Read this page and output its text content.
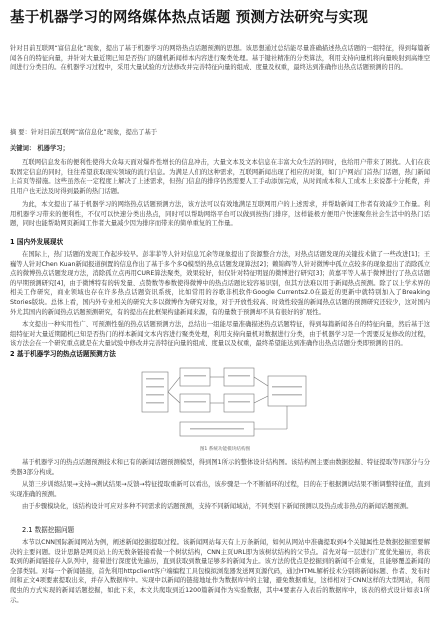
基于机器学习的网络媒体热点话题 预测方法研究与实现

针对目前互联网“富信息化”现象，提出了基于机器学习的网络热点话题预测的思想。该思想通过总结能尽量准确描述热点话题的一组特征，得到每篇新闻各自的特征向量，并针对大量近期已知是否热门的随机新闻样本内容进行聚类处理。基于键社精准的分类算法，利用支持向量机将向量映射到高维空间进行分类目的。在机器学习过程中，采用大量试验的方法修改并完善特征向量的组成、度量及权重，最终达到准确作出热点话题预测的目的。

摘 要：针对目前互联网“富信息化”现象，提出了基于

关键词： 机器学习；

互联网信息发布的便利性使得大众每天面对爆炸性增长的信息冲击，大量文本及文本信息在丰富大众生活的同时，也给用户带来了困扰。人们在获取固定信息的同时，往往希望获取现实领域的流行信息。为满足人们的这种需求，互联网新闻出现了相应的对策，如门户网站门首热门话题，热门新闻上首页等措施。这些虽然在一定程度上解决了上述需求，但热门信息的排序仍然需要人工手动添加完成，从时间成本和人工成本上来说都十分耗费，并且用户也无法及时得到最新的热门话题。

为此，本文提出了基于机器学习的网络热点话题预测方法，该方法可以有效地满足互联网用户的上述需求，并帮助新闻工作者有效减少工作量。利用机器学习带来的便利性，不仅可以快速分类出热点，同时可以帮助网络平台可以做到按热门排序，这样能极方便用户快速聚焦社会生活中的热门话题，同时也能帮助网页新闻工作者大量减少因为排序而带来的简单重复的工作量。

1 国内外发展现状

在国际上，热门话题的发现工作起步较早。彭菲菲等人针对信息冗余等现象提出了资源整合方法，对热点话题发现的关键技术做了一些改进[1]；王巍等人针对Chen Kuan新闻报道倒置的信息作出了基于多个多Q模型的热点话题发现算法[2]；赖锦辉等人针对微博中孤立点较多的现象提出了消除孤立点的微博热点话题发现方法，消除孤立点再用CURE算法聚类，效果较好，但仅针对特征明显的微博进行研究[3]；黄嘉平等人基于微博进行了热点话题的早期预测研究[4]，由于微博特有的转发量、点赞数等参数使得微博中的热点话题比较容易识别，但其方法难以用于新闻热点预测。除了以上学术界的相关工作研究，商业领域也存在许多热点话题资讯系统，比如常用的谷歌非机软件Google Currents2.0在最近的更新中就特别加入了Breaking Stories版块。总体上看，国内外专业相关的研究大多以微博作为研究对象，对于开放性较高、时效性较强的新闻热点话题的预测研究还较少，这对国内外尤其国内的新闻热点话题预测研究，有的提出在此框架构建新闻来源，有的量数于预测却不具有很好的扩展性。

本文提出一种实用性广、可预测性强的热点话题预测方法，总结出一组能尽量准确描述热点话题特征，得到每篇新闻各自的特征向量，然后基于这组特征对大量近期随机已知是否热门的样本新闻文本内容进行聚类处理，利用支持向量机对数据进行分类，由于机器学习是一个需要反复修改的过程，该方法会在一个研究重点就是在大量试验中修改并完善特征向量的组成、度量以及权重，最终希望能达到准确作出热点话题分类即预测的目的。

2 基于机器学习的热点话题预测方法
图1 系统功能模块结构图

基于机器学习的热点话题预测技术和已有的新闻话题预测模型，得到图1所示的整体设计结构图。该结构图主要由数据挖掘、特征提取等四部分与分类器3部分构成。

从第三步训练结果→支持→测试结果→反馈→特征提取重新可以看出，该步骤是一个不断循环的过程，目的在于根据测试结果不断调整特征值，直到实现准确的预测。

由于步骤模块化，该结构设计可应对多种不同需求的话题预测，支持不同新闻域站，不同类别下新闻预测以及热点或非热点的新闻话题预测。

2.1 数据挖掘问题

本节以CNN国际新闻网站为例，阐述新闻挖掘提取过程。该新闻网站每天有上万条新闻，如何从网站中准确提取到4个关键属性是数据挖掘需要解决的主要问题。设计思路是网页站上的无数条链接看做一个树状结构，CNN主页URL即为该树状结构的父节点。首先对每一层进行广度优先遍历，将获取到的新闻链接存入队列中，接着进行深度优先遍历，直到获取到数量足够多的新闻为止。该方法的优点是挖掘到的新闻不会重复，且能够覆盖新闻的全部类别。对每一个新闻链接，首先利用httpclient客户端编程工具包模拟浏览器发送网页源代码，通过HTML解析技术分别将新闻标题、作者、发布时间和正文4项要素提取出来，并存入数据库中。实现中以新闻的链接地址作为数据库中的主键，避免数据重复，这样相对于CNN这样的大型网站，利用爬虫的方式实现的新闻话题挖掘，如此下来，本文共爬取到近1200篇新闻作为实验数据，其中4要素存入表后的数据库中，该表的格式设计如表1所示。
